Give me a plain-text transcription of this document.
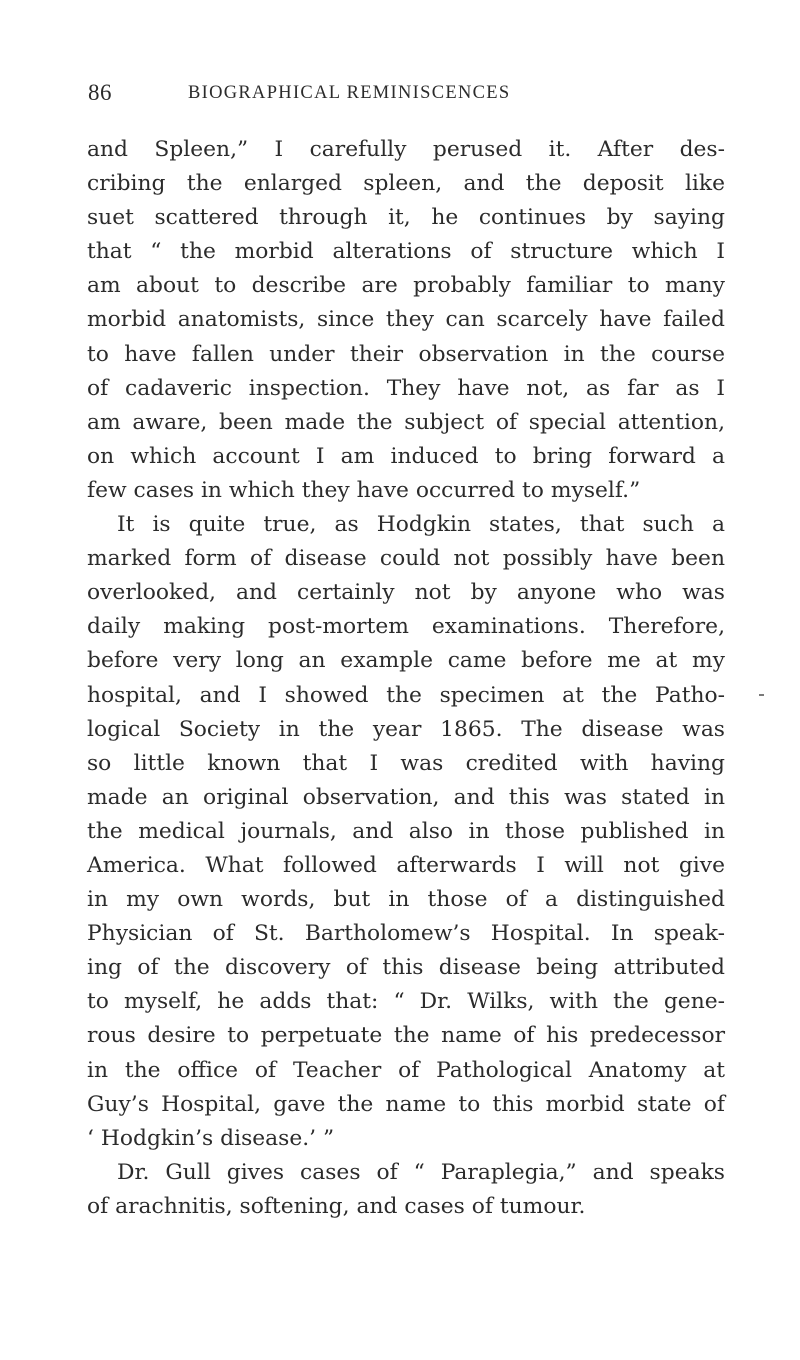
86	BIOGRAPHICAL REMINISCENCES
and Spleen,” I carefully perused it. After des-
cribing the enlarged spleen, and the deposit like
suet scattered through it, he continues by saying
that “ the morbid alterations of structure which I
am about to describe are probably familiar to many
morbid anatomists, since they can scarcely have failed
to have fallen under their observation in the course
of cadaveric inspection. They have not, as far as I
am aware, been made the subject of special attention,
on which account I am induced to bring forward a
few cases in which they have occurred to myself.”
It is quite true, as Hodgkin states, that such a
marked form of disease could not possibly have been
overlooked, and certainly not by anyone who was
daily making post-mortem examinations. Therefore,
before very long an example came before me at my
hospital, and I showed the specimen at the Patho-
logical Society in the year 1865. The disease was
so little known that I was credited with having
made an original observation, and this was stated in
the medical journals, and also in those published in
America. What followed afterwards I will not give
in my own words, but in those of a distinguished
Physician of St. Bartholomew’s Hospital. In speak-
ing of the discovery of this disease being attributed
to myself, he adds that: “ Dr. Wilks, with the gene-
rous desire to perpetuate the name of his predecessor
in the office of Teacher of Pathological Anatomy at
Guy’s Hospital, gave the name to this morbid state of
‘ Hodgkin’s disease.’ ”
Dr. Gull gives cases of “ Paraplegia,” and speaks
of arachnitis, softening, and cases of tumour.
